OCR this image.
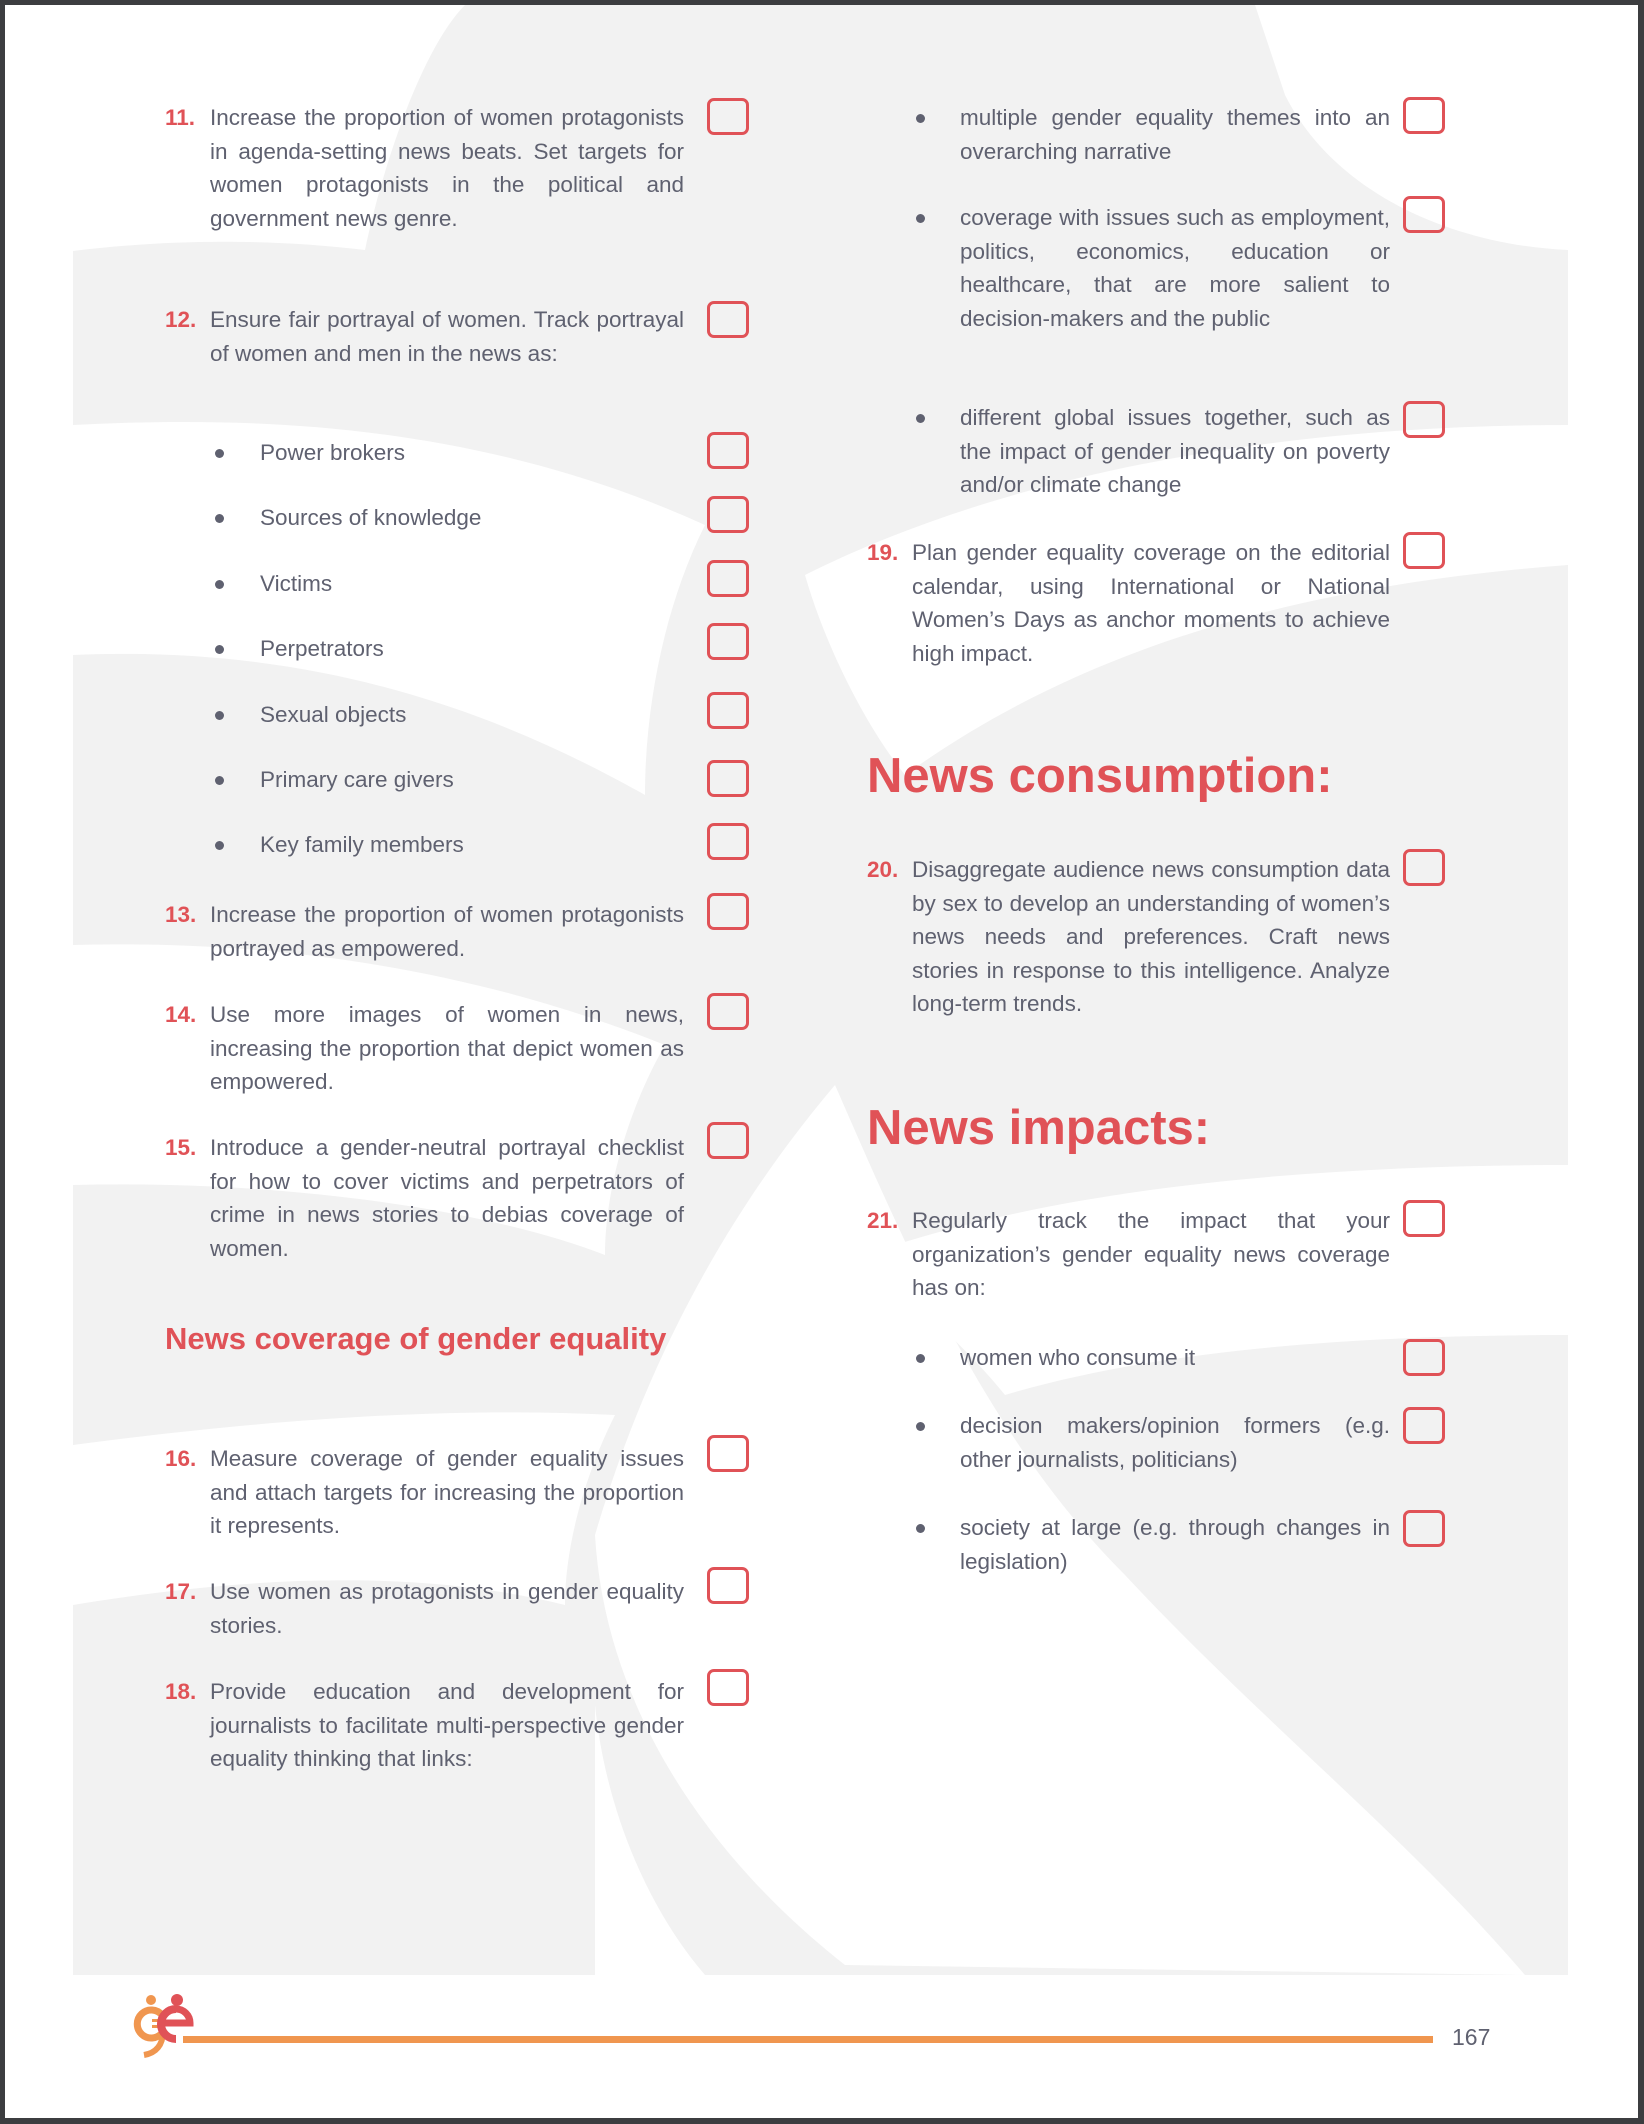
11. Increase the proportion of women protagonists in agenda-setting news beats. Set targets for women protagonists in the political and government news genre.
12. Ensure fair portrayal of women. Track portrayal of women and men in the news as:
Power brokers
Sources of knowledge
Victims
Perpetrators
Sexual objects
Primary care givers
Key family members
13. Increase the proportion of women protagonists portrayed as empowered.
14. Use more images of women in news, increasing the proportion that depict women as empowered.
15. Introduce a gender-neutral portrayal checklist for how to cover victims and perpetrators of crime in news stories to debias coverage of women.
News coverage of gender equality
16. Measure coverage of gender equality issues and attach targets for increasing the proportion it represents.
17. Use women as protagonists in gender equality stories.
18. Provide education and development for journalists to facilitate multi-perspective gender equality thinking that links:
multiple gender equality themes into an overarching narrative
coverage with issues such as employment, politics, economics, education or healthcare, that are more salient to decision-makers and the public
different global issues together, such as the impact of gender inequality on poverty and/or climate change
19. Plan gender equality coverage on the editorial calendar, using International or National Women’s Days as anchor moments to achieve high impact.
News consumption:
20. Disaggregate audience news consumption data by sex to develop an understanding of women’s news needs and preferences. Craft news stories in response to this intelligence. Analyze long-term trends.
News impacts:
21. Regularly track the impact that your organization’s gender equality news coverage has on:
women who consume it
decision makers/opinion formers (e.g. other journalists, politicians)
society at large (e.g. through changes in legislation)
167
